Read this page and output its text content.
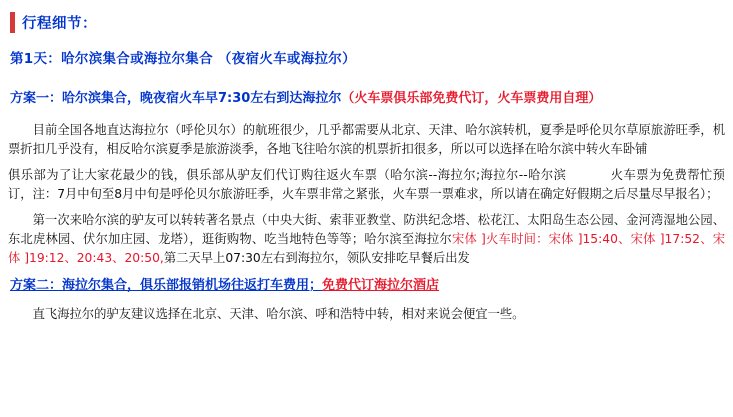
行程细节：
第1天：哈尔滨集合或海拉尔集合 （夜宿火车或海拉尔）
方案一：哈尔滨集合，晚夜宿火车早7:30左右到达海拉尔（火车票俱乐部免费代订，火车票费用自理）

目前全国各地直达海拉尔（呼伦贝尔）的航班很少，几乎都需要从北京、天津、哈尔滨转机，夏季是呼伦贝尔草原旅游旺季，机票折扣几乎没有，相反哈尔滨夏季是旅游淡季，各地飞往哈尔滨的机票折扣很多，所以可以选择在哈尔滨中转火车卧铺

俱乐部为了让大家花最少的钱，俱乐部从驴友们代订购往返火车票（哈尔滨--海拉尔;海拉尔--哈尔滨	火车票为免费帮忙预订，注：7月中旬至8月中旬是呼伦贝尔旅游旺季，火车票非常之紧张，火车票一票难求，所以请在确定好假期之后尽量尽早报名）；

第一次来哈尔滨的驴友可以转转著名景点（中央大街、索菲亚教堂、防洪纪念塔、松花江、太阳岛生态公园、金河湾湿地公园、东北虎林园、伏尔加庄园、龙塔），逛街购物、吃当地特色等等；哈尔滨至海拉尔宋体 ]火车时间：宋体 ]15:40、宋体 ]17:52、宋体 ]19:12、20:43、20:50,第二天早上07:30左右到海拉尔，领队安排吃早餐后出发

方案二：海拉尔集合，俱乐部报销机场往返打车费用；免费代订海拉尔酒店

直飞海拉尔的驴友建议选择在北京、天津、哈尔滨、呼和浩特中转，相对来说会便宜一些。
